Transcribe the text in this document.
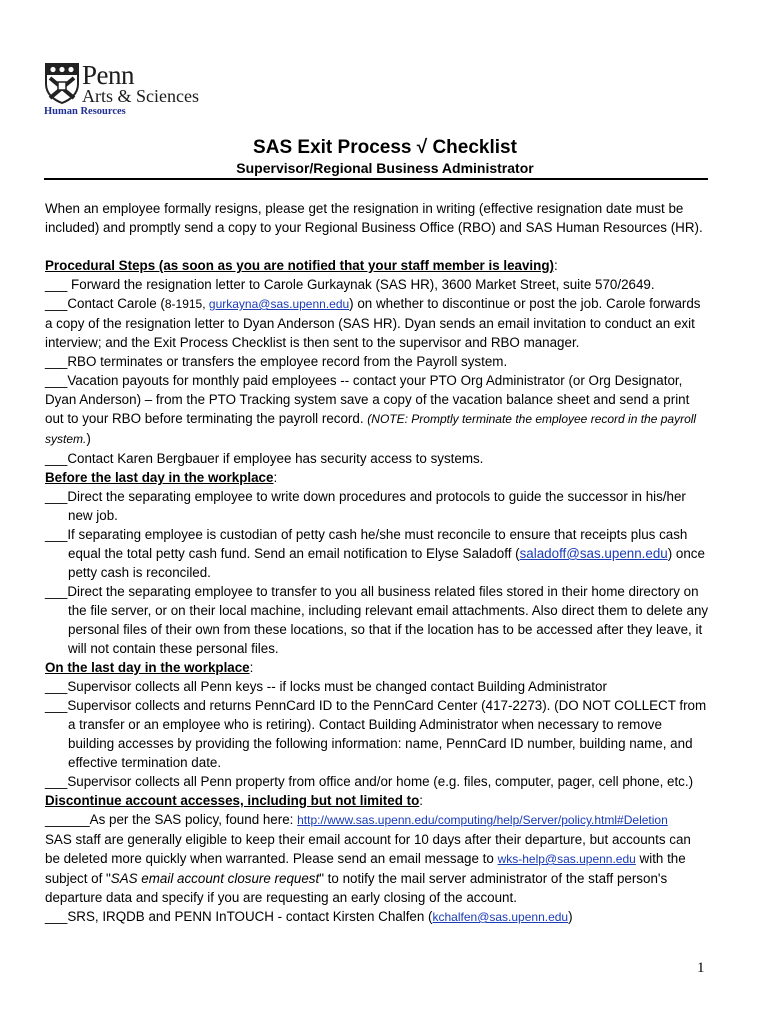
Penn
Arts & Sciences
Human Resources
SAS Exit Process √ Checklist
Supervisor/Regional Business Administrator

When an employee formally resigns, please get the resignation in writing (effective resignation date must be included) and promptly send a copy to your Regional Business Office (RBO) and SAS Human Resources (HR).

Procedural Steps (as soon as you are notified that your staff member is leaving):

___ Forward the resignation letter to Carole Gurkaynak (SAS HR), 3600 Market Street, suite 570/2649.

___Contact Carole (8-1915, gurkayna@sas.upenn.edu) on whether to discontinue or post the job. Carole forwards a copy of the resignation letter to Dyan Anderson (SAS HR). Dyan sends an email invitation to conduct an exit interview; and the Exit Process Checklist is then sent to the supervisor and RBO manager.

___RBO terminates or transfers the employee record from the Payroll system.

___Vacation payouts for monthly paid employees -- contact your PTO Org Administrator (or Org Designator, Dyan Anderson) – from the PTO Tracking system save a copy of the vacation balance sheet and send a print out to your RBO before terminating the payroll record. (NOTE: Promptly terminate the employee record in the payroll system.)

___Contact Karen Bergbauer if employee has security access to systems.

Before the last day in the workplace:

___Direct the separating employee to write down procedures and protocols to guide the successor in his/her new job.

___If separating employee is custodian of petty cash he/she must reconcile to ensure that receipts plus cash equal the total petty cash fund. Send an email notification to Elyse Saladoff (saladoff@sas.upenn.edu) once petty cash is reconciled.

___Direct the separating employee to transfer to you all business related files stored in their home directory on the file server, or on their local machine, including relevant email attachments. Also direct them to delete any personal files of their own from these locations, so that if the location has to be accessed after they leave, it will not contain these personal files.

On the last day in the workplace:

___Supervisor collects all Penn keys -- if locks must be changed contact Building Administrator

___Supervisor collects and returns PennCard ID to the PennCard Center (417-2273). (DO NOT COLLECT from a transfer or an employee who is retiring). Contact Building Administrator when necessary to remove building accesses by providing the following information: name, PennCard ID number, building name, and effective termination date.

___Supervisor collects all Penn property from office and/or home (e.g. files, computer, pager, cell phone, etc.)

Discontinue account accesses, including but not limited to:

______As per the SAS policy, found here: http://www.sas.upenn.edu/computing/help/Server/policy.html#Deletion
SAS staff are generally eligible to keep their email account for 10 days after their departure, but accounts can be deleted more quickly when warranted. Please send an email message to wks-help@sas.upenn.edu with the subject of "SAS email account closure request" to notify the mail server administrator of the staff person's departure data and specify if you are requesting an early closing of the account.

___SRS, IRQDB and PENN InTOUCH - contact Kirsten Chalfen (kchalfen@sas.upenn.edu)

1
